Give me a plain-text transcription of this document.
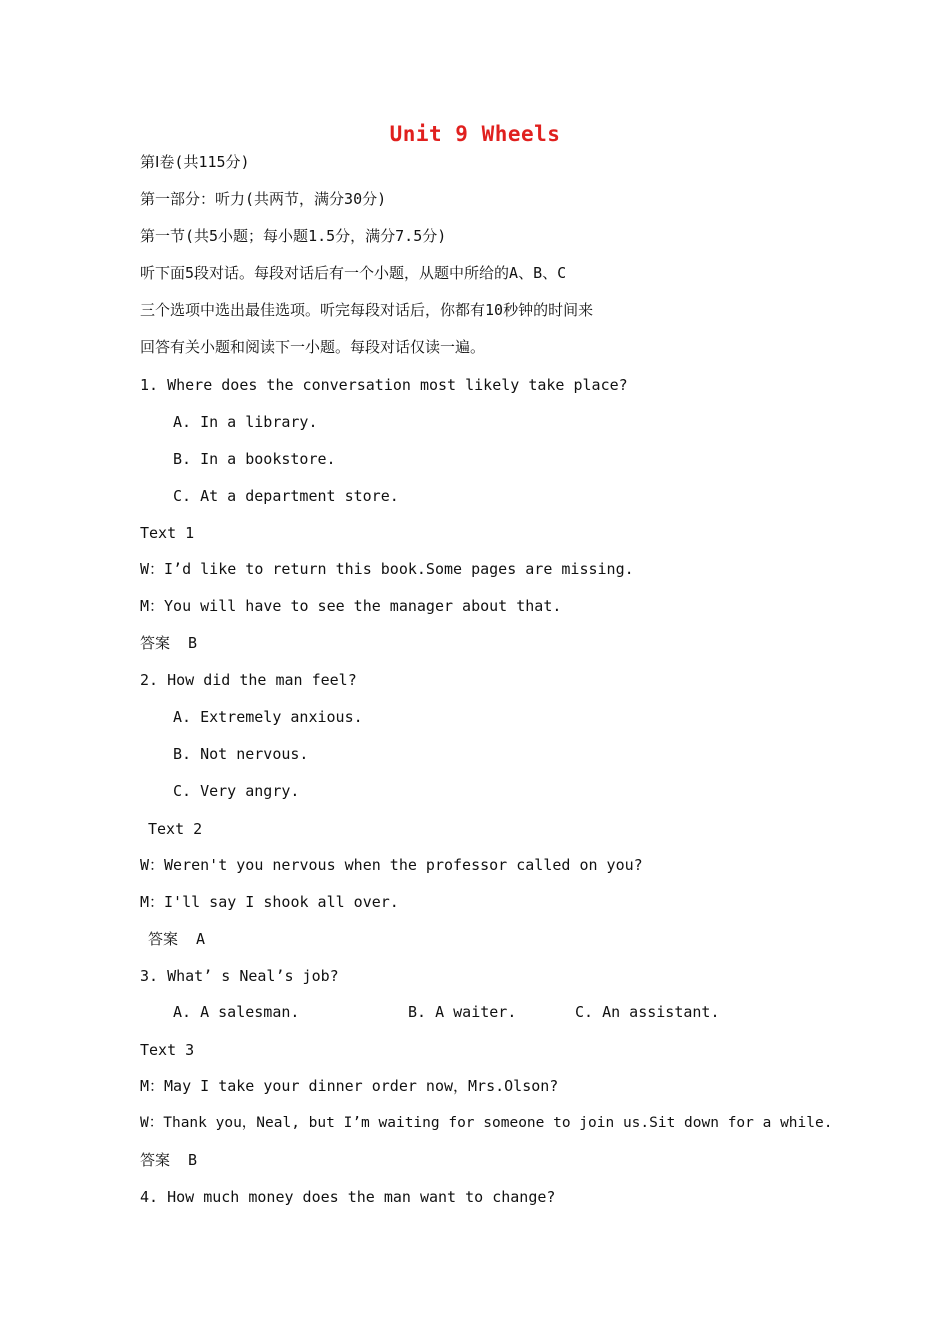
Unit 9 Wheels
第Ⅰ卷(共115分)
第一部分：听力(共两节，满分30分)
第一节(共5小题；每小题1.5分，满分7.5分)
听下面5段对话。每段对话后有一个小题，从题中所给的A、B、C
三个选项中选出最佳选项。听完每段对话后，你都有10秒钟的时间来
回答有关小题和阅读下一小题。每段对话仅读一遍。
1. Where does the conversation most likely take place?
A. In a library.
B. In a bookstore.
C. At a department store.
Text 1
W：I’d like to return this book.Some pages are missing.
M：You will have to see the manager about that.
答案  B
2. How did the man feel?
A. Extremely anxious.
B. Not nervous.
C. Very angry.
Text 2
W：Weren't you nervous when the professor called on you?
M：I'll say I shook all over.
答案  A
3. What’ s Neal’s job?
A. A salesman.	B. A waiter.	C. An assistant.
Text 3
M：May I take your dinner order now，Mrs.Olson?
W：Thank you，Neal, but I’m waiting for someone to join us.Sit down for a while.
答案  B
4. How much money does the man want to change?
